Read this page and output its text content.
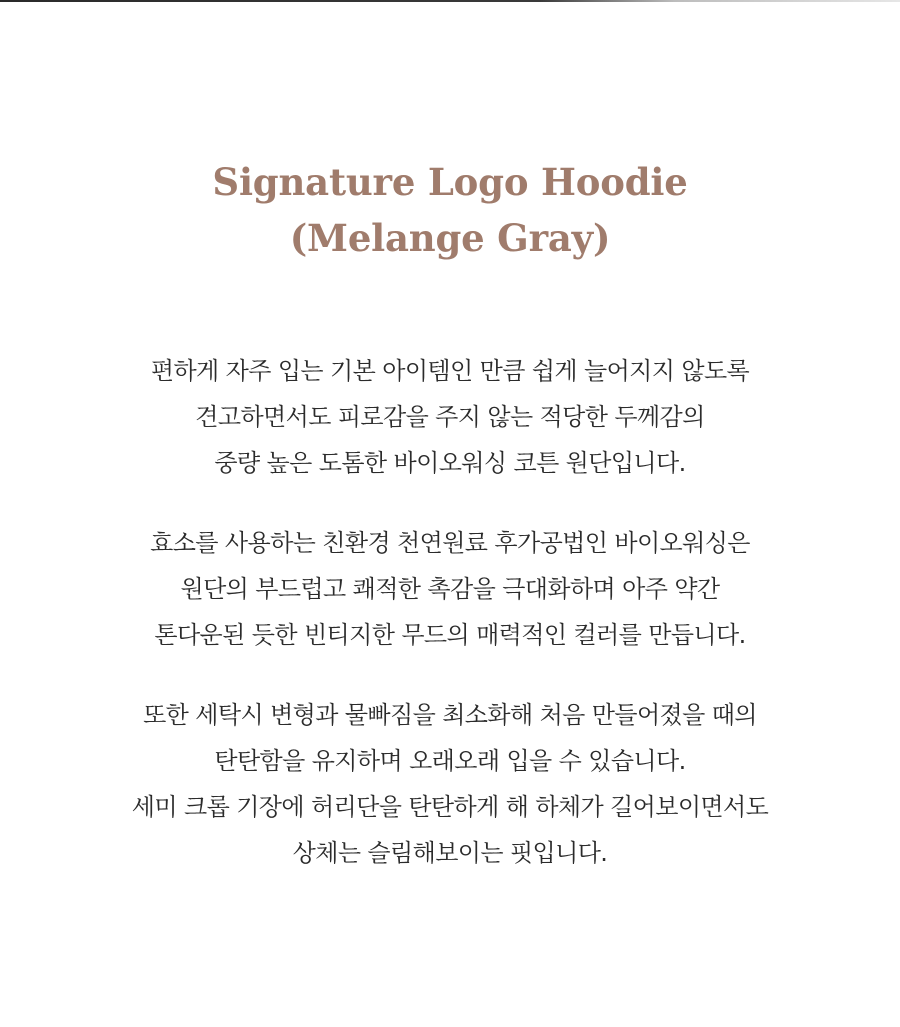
Signature Logo Hoodie
(Melange Gray)

편하게 자주 입는 기본 아이템인 만큼 쉽게 늘어지지 않도록
견고하면서도 피로감을 주지 않는 적당한 두께감의
중량 높은 도톰한 바이오워싱 코튼 원단입니다.

효소를 사용하는 친환경 천연원료 후가공법인 바이오워싱은
원단의 부드럽고 쾌적한 촉감을 극대화하며 아주 약간
톤다운된 듯한 빈티지한 무드의 매력적인 컬러를 만듭니다.

또한 세탁시 변형과 물빠짐을 최소화해 처음 만들어졌을 때의
탄탄함을 유지하며 오래오래 입을 수 있습니다.
세미 크롭 기장에 허리단을 탄탄하게 해 하체가 길어보이면서도
상체는 슬림해보이는 핏입니다.
